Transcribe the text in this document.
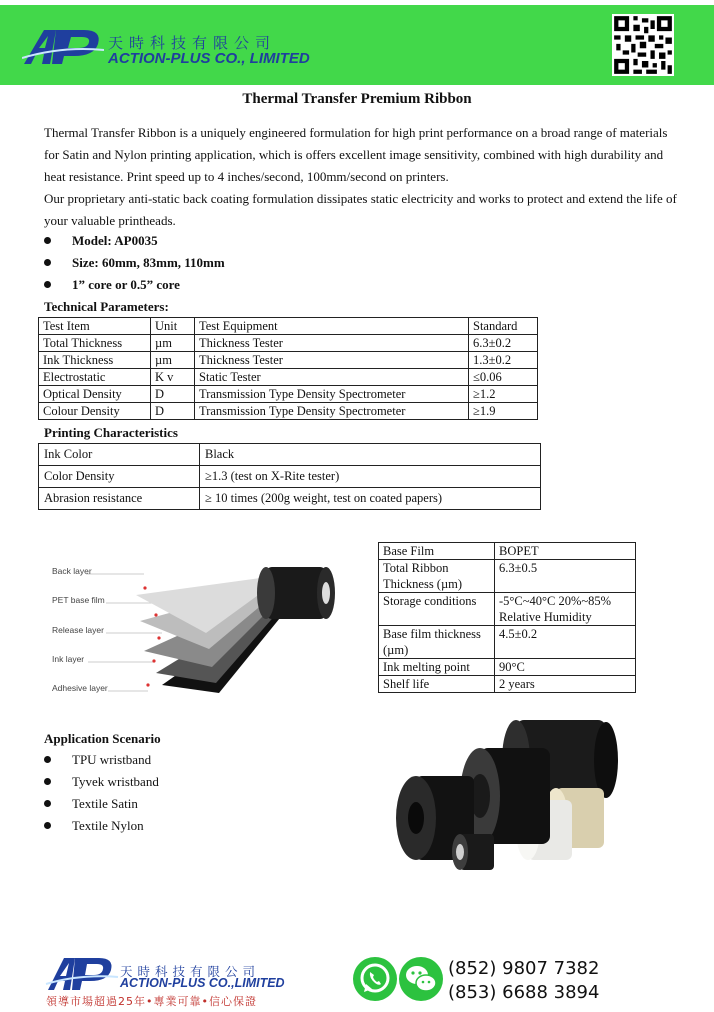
天時科技有限公司
ACTION-PLUS CO., LIMITED
Thermal Transfer Premium Ribbon

Thermal Transfer Ribbon is a uniquely engineered formulation for high print performance on a broad range of materials for Satin and Nylon printing application, which is offers excellent image sensitivity, combined with high durability and heat resistance. Print speed up to 4 inches/second, 100mm/second on printers.

Our proprietary anti-static back coating formulation dissipates static electricity and works to protect and extend the life of your valuable printheads.

Model: AP0035
Size: 60mm, 83mm, 110mm
1” core or 0.5” core
Technical Parameters:
Test Item	Unit	Test Equipment	Standard
Total Thickness	µm	Thickness Tester	6.3±0.2
Ink Thickness	µm	Thickness Tester	1.3±0.2
Electrostatic	K v	Static Tester	≤0.06
Optical Density	D	Transmission Type Density Spectrometer	≥1.2
Colour Density	D	Transmission Type Density Spectrometer	≥1.9
Printing Characteristics
Ink Color	Black
Color Density	≥1.3 (test on X-Rite tester)
Abrasion resistance	≥ 10 times (200g weight, test on coated papers)
Back layer
PET base film
Release layer
Ink layer
Adhesive layer
Base Film	BOPET
Total Ribbon Thickness (µm)	6.3±0.5
Storage conditions	-5°C~40°C 20%~85% Relative Humidity
Base film thickness (µm)	4.5±0.2
Ink melting point	90°C
Shelf life	2 years
Application Scenario
TPU wristband
Tyvek wristband
Textile Satin
Textile Nylon
天時科技有限公司
ACTION-PLUS CO.,LIMITED
領導市場超過25年•專業可靠•信心保證
(852) 9807 7382
(853) 6688 3894
